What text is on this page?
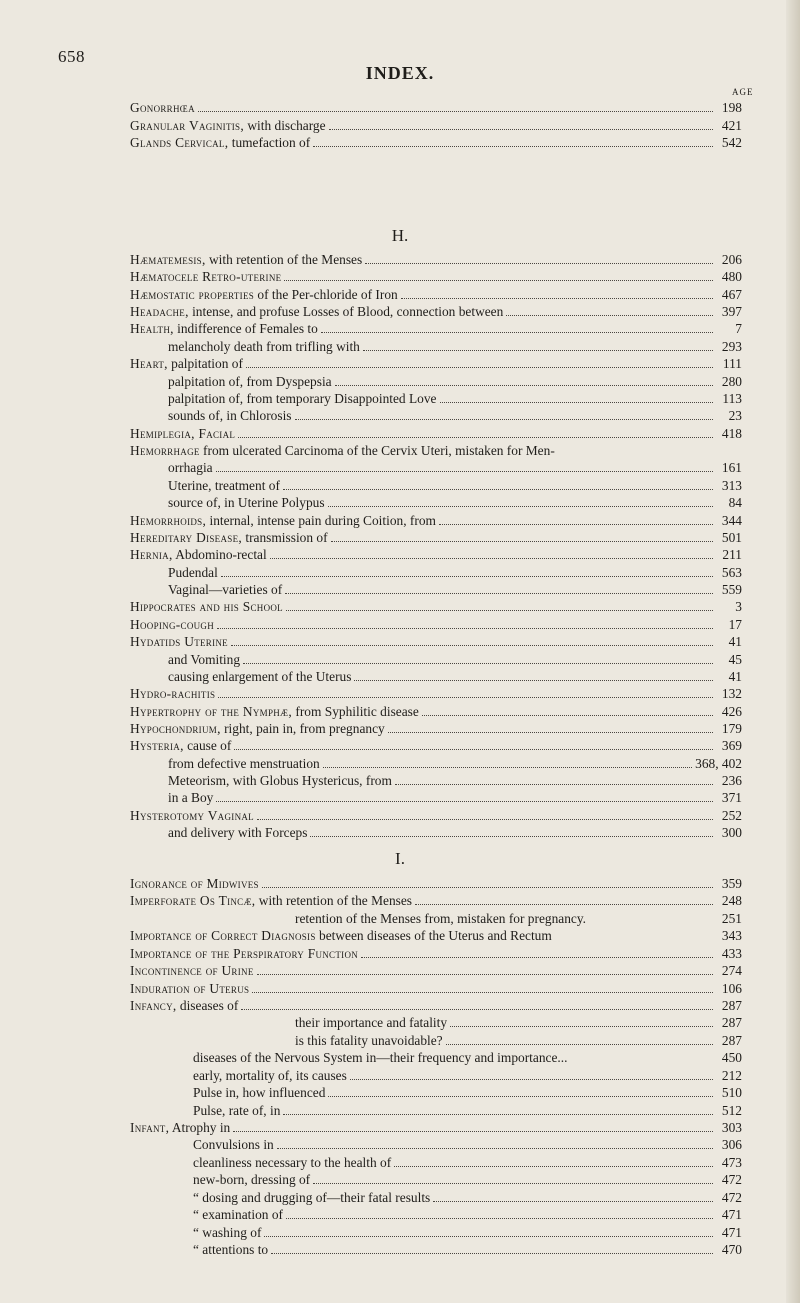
658
INDEX.
AGE
Gonorrhœa	198
Granular Vaginitis, with discharge	421
Glands Cervical, tumefaction of	542
H.
Hæmatemesis, with retention of the Menses	206
Hæmatocele Retro-uterine	480
Hæmostatic properties of the Per-chloride of Iron	467
Headache, intense, and profuse Losses of Blood, connection between	397
Health, indifference of Females to	7
melancholy death from trifling with	293
Heart, palpitation of	111
palpitation of, from Dyspepsia	280
palpitation of, from temporary Disappointed Love	113
sounds of, in Chlorosis	23
Hemiplegia, Facial	418
Hemorrhage from ulcerated Carcinoma of the Cervix Uteri, mistaken for Men-
orrhagia	161
Uterine, treatment of	313
source of, in Uterine Polypus	84
Hemorrhoids, internal, intense pain during Coition, from	344
Hereditary Disease, transmission of	501
Hernia, Abdomino-rectal	211
Pudendal	563
Vaginal—varieties of	559
Hippocrates and his School	3
Hooping-cough	17
Hydatids Uterine	41
and Vomiting	45
causing enlargement of the Uterus	41
Hydro-rachitis	132
Hypertrophy of the Nymphæ, from Syphilitic disease	426
Hypochondrium, right, pain in, from pregnancy	179
Hysteria, cause of	369
from defective menstruation	368, 402
Meteorism, with Globus Hystericus, from	236
in a Boy	371
Hysterotomy Vaginal	252
and delivery with Forceps	300
I.
Ignorance of Midwives	359
Imperforate Os Tincæ, with retention of the Menses	248
retention of the Menses from, mistaken for pregnancy.	251
Importance of Correct Diagnosis between diseases of the Uterus and Rectum	343
Importance of the Perspiratory Function	433
Incontinence of Urine	274
Induration of Uterus	106
Infancy, diseases of	287
their importance and fatality	287
is this fatality unavoidable?	287
diseases of the Nervous System in—their frequency and importance...	450
early, mortality of, its causes	212
Pulse in, how influenced	510
Pulse, rate of, in	512
Infant, Atrophy in	303
Convulsions in	306
cleanliness necessary to the health of	473
new-born, dressing of	472
“ dosing and drugging of—their fatal results	472
“ examination of	471
“ washing of	471
“ attentions to	470
